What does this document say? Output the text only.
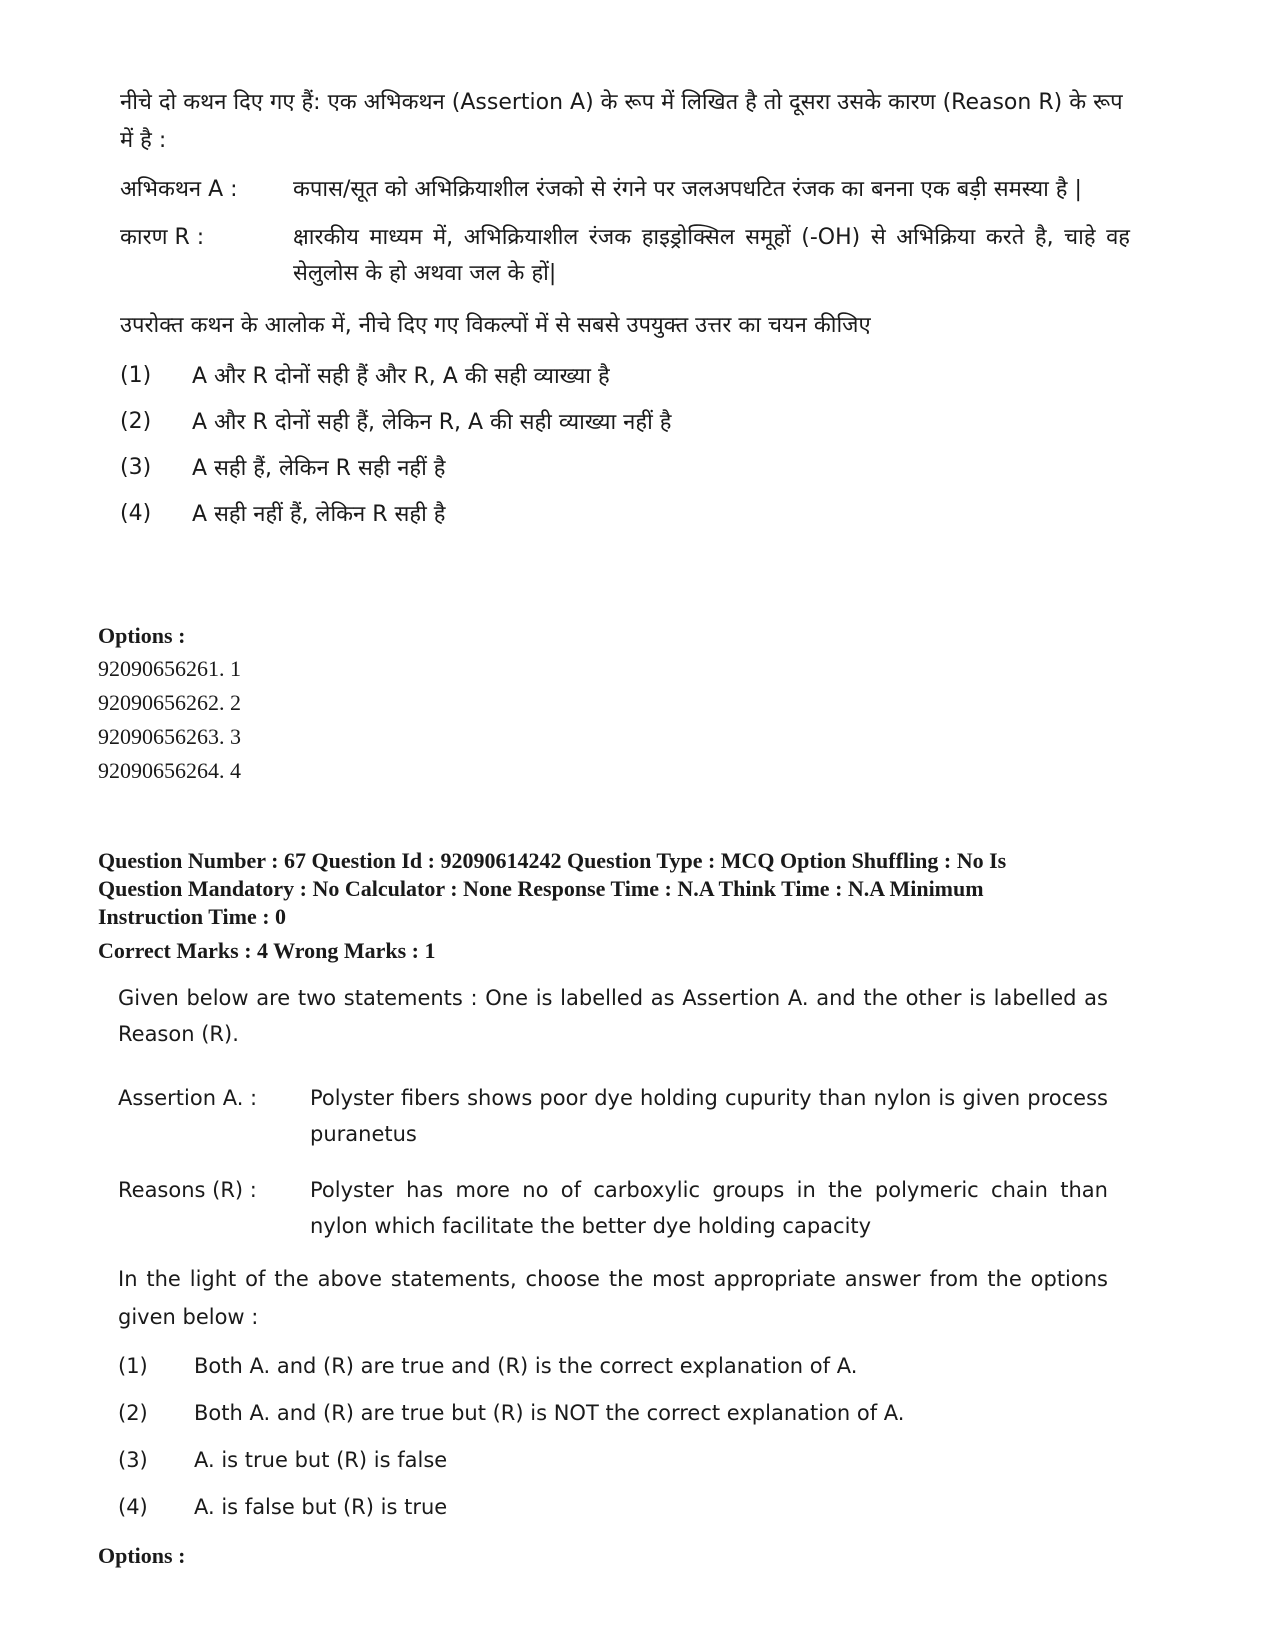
नीचे दो कथन दिए गए हैं: एक अभिकथन (Assertion A) के रूप में लिखित है तो दूसरा उसके कारण (Reason R) के रूप में है :

अभिकथन A :	कपास/सूत को अभिक्रियाशील रंजको से रंगने पर जलअपधटित रंजक का बनना एक बड़ी समस्या है |
कारण R :	क्षारकीय माध्यम में, अभिक्रियाशील रंजक हाइड्रोक्सिल समूहों (-OH) से अभिक्रिया करते है, चाहे वह सेलुलोस के हो अथवा जल के हों|
उपरोक्त कथन के आलोक में, नीचे दिए गए विकल्पों में से सबसे उपयुक्त उत्तर का चयन कीजिए
(1)	A और R दोनों सही हैं और R, A की सही व्याख्या है
(2)	A और R दोनों सही हैं, लेकिन R, A की सही व्याख्या नहीं है
(3)	A सही हैं, लेकिन R सही नहीं है
(4)	A सही नहीं हैं, लेकिन R सही है
Options :
92090656261. 1
92090656262. 2
92090656263. 3
92090656264. 4
Question Number : 67 Question Id : 92090614242 Question Type : MCQ Option Shuffling : No Is
Question Mandatory : No Calculator : None Response Time : N.A Think Time : N.A Minimum
Instruction Time : 0
Correct Marks : 4 Wrong Marks : 1

Given below are two statements : One is labelled as Assertion A. and the other is labelled as Reason (R).

Assertion A. :	Polyster fibers shows poor dye holding cupurity than nylon is given process puranetus
Reasons (R) :	Polyster has more no of carboxylic groups in the polymeric chain than nylon which facilitate the better dye holding capacity
In the light of the above statements, choose the most appropriate answer from the options given below :
(1)	Both A. and (R) are true and (R) is the correct explanation of A.
(2)	Both A. and (R) are true but (R) is NOT the correct explanation of A.
(3)	A. is true but (R) is false
(4)	A. is false but (R) is true
Options :
